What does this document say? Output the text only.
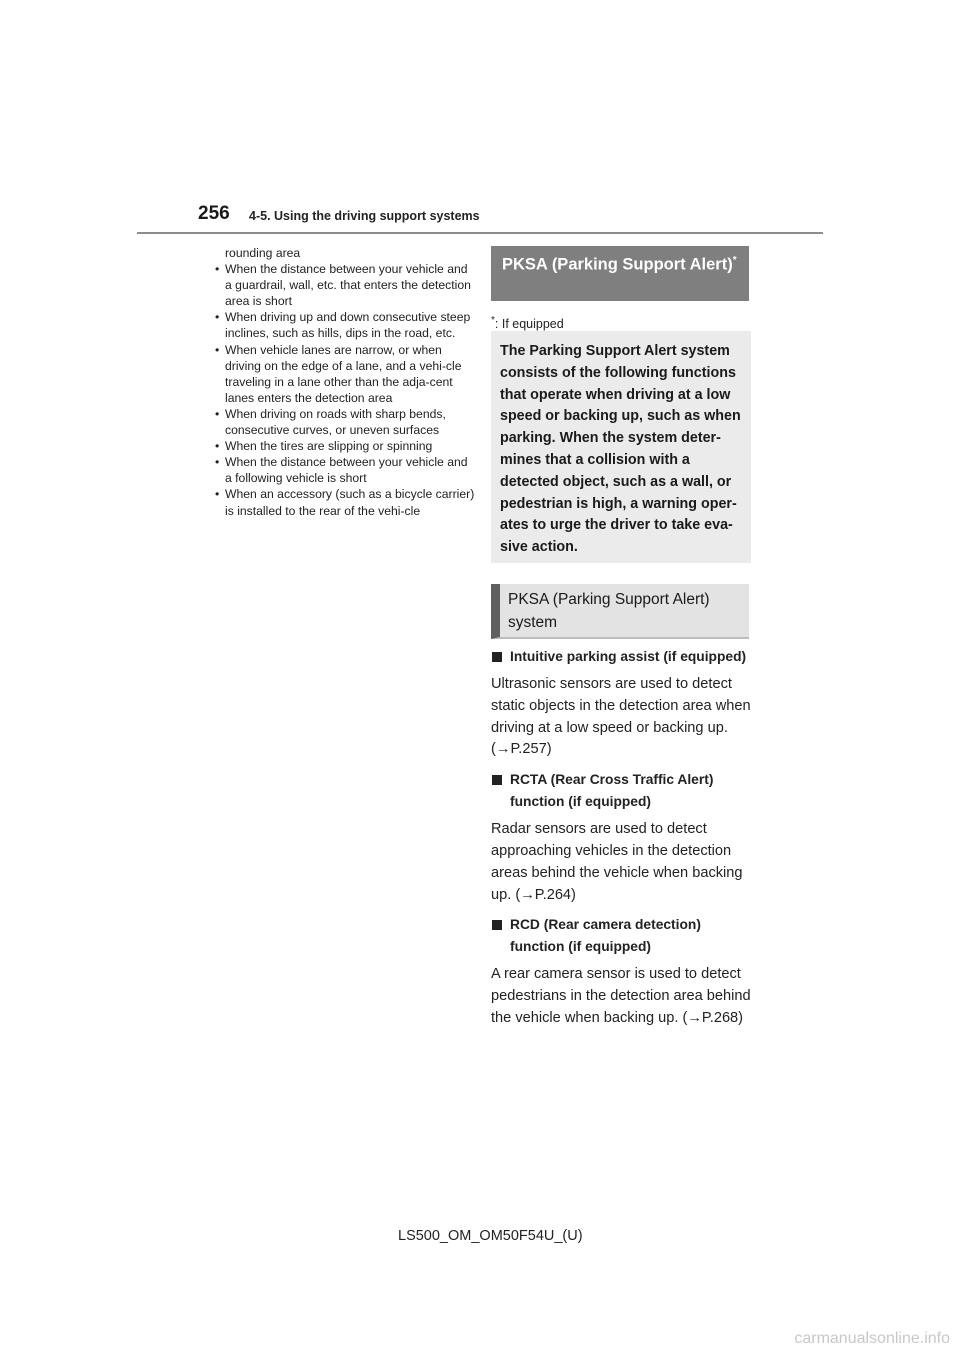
256 4-5. Using the driving support systems

rounding area

• When the distance between your vehicle and a guardrail, wall, etc. that enters the detection area is short
• When driving up and down consecutive steep inclines, such as hills, dips in the road, etc.
• When vehicle lanes are narrow, or when driving on the edge of a lane, and a vehi-cle traveling in a lane other than the adja-cent lanes enters the detection area
• When driving on roads with sharp bends, consecutive curves, or uneven surfaces
• When the tires are slipping or spinning
• When the distance between your vehicle and a following vehicle is short
• When an accessory (such as a bicycle carrier) is installed to the rear of the vehi-cle
PKSA (Parking Support Alert)*
*: If equipped
The Parking Support Alert system consists of the following functions that operate when driving at a low speed or backing up, such as when parking. When the system deter-mines that a collision with a detected object, such as a wall, or pedestrian is high, a warning oper-ates to urge the driver to take eva-sive action.
PKSA (Parking Support Alert) system

Intuitive parking assist (if equipped)

Ultrasonic sensors are used to detect static objects in the detection area when driving at a low speed or backing up. (→P.257)

RCTA (Rear Cross Traffic Alert) function (if equipped)

Radar sensors are used to detect approaching vehicles in the detection areas behind the vehicle when backing up. (→P.264)

RCD (Rear camera detection) function (if equipped)

A rear camera sensor is used to detect pedestrians in the detection area behind the vehicle when backing up. (→P.268)

LS500_OM_OM50F54U_(U)
carmanualsonline.info
